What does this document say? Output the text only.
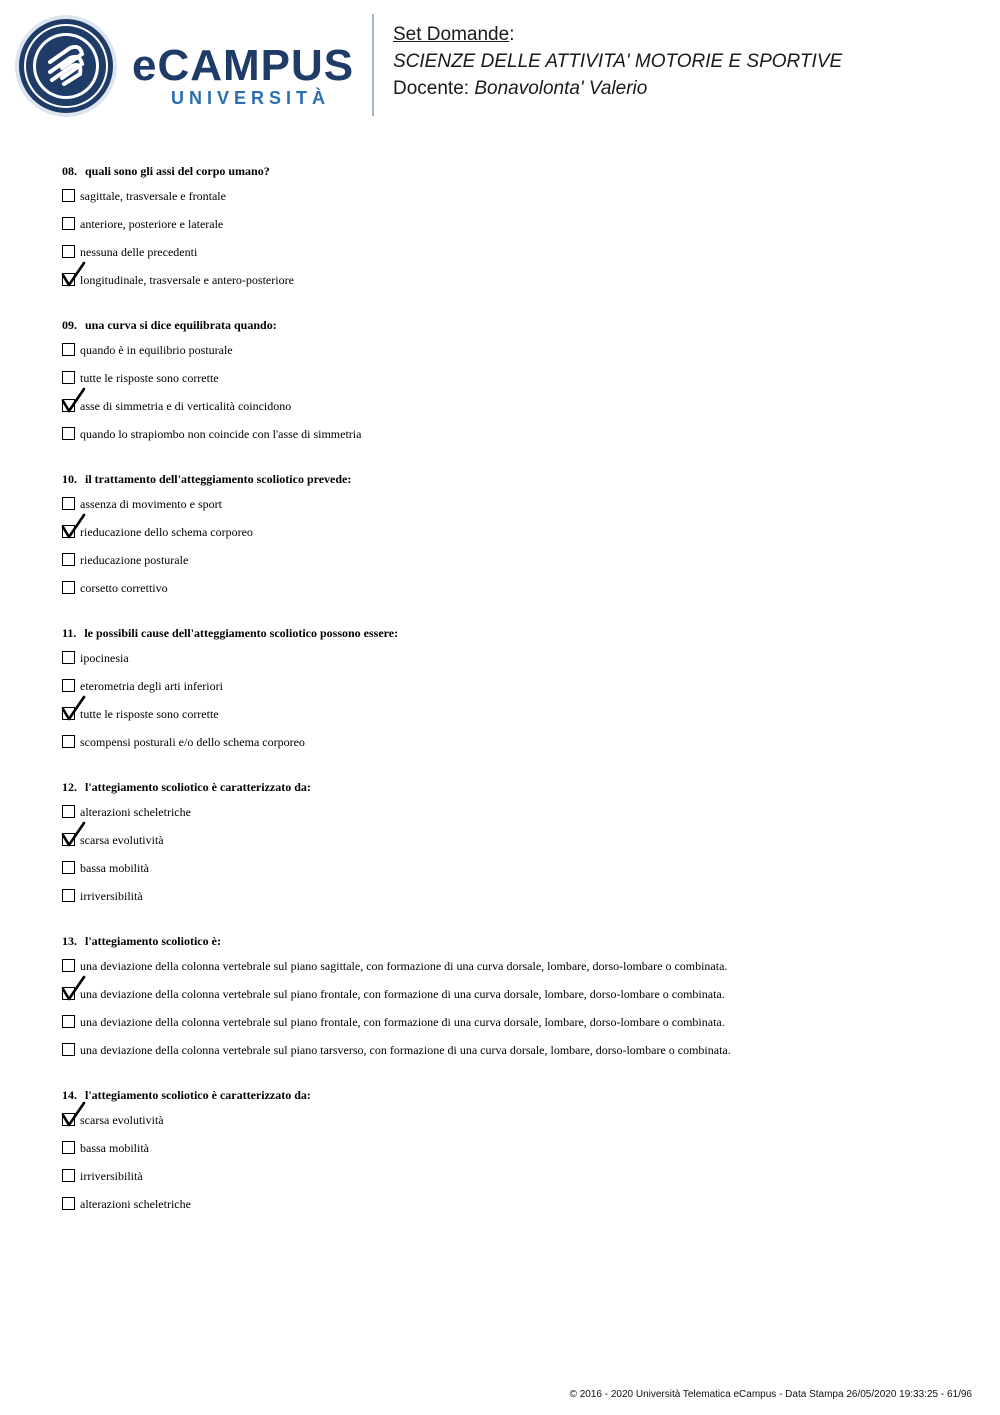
eCAMPUS
UNIVERSITÀ
Set Domande:
SCIENZE DELLE ATTIVITA' MOTORIE E SPORTIVE
Docente: Bonavolonta' Valerio
08. quali sono gli assi del corpo umano?
sagittale, trasversale e frontale
anteriore, posteriore e laterale
nessuna delle precedenti
longitudinale, trasversale e antero-posteriore
09. una curva si dice equilibrata quando:
quando è in equilibrio posturale
tutte le risposte sono corrette
asse di simmetria e di verticalità coincidono
quando lo strapiombo non coincide con l'asse di simmetria
10. il trattamento dell'atteggiamento scoliotico prevede:
assenza di movimento e sport
rieducazione dello schema corporeo
rieducazione posturale
corsetto correttivo
11. le possibili cause dell'atteggiamento scoliotico possono essere:
ipocinesia
eterometria degli arti inferiori
tutte le risposte sono corrette
scompensi posturali e/o dello schema corporeo
12. l'attegiamento scoliotico è caratterizzato da:
alterazioni scheletriche
scarsa evolutività
bassa mobilità
irriversibilità
13. l'attegiamento scoliotico è:
una deviazione della colonna vertebrale sul piano sagittale, con formazione di una curva dorsale, lombare, dorso-lombare o combinata.
una deviazione della colonna vertebrale sul piano frontale, con formazione di una curva dorsale, lombare, dorso-lombare o combinata.
una deviazione della colonna vertebrale sul piano frontale, con formazione di una curva dorsale, lombare, dorso-lombare o combinata.
una deviazione della colonna vertebrale sul piano tarsverso, con formazione di una curva dorsale, lombare, dorso-lombare o combinata.
14. l'attegiamento scoliotico è caratterizzato da:
scarsa evolutività
bassa mobilità
irriversibilità
alterazioni scheletriche
© 2016 - 2020 Università Telematica eCampus - Data Stampa 26/05/2020 19:33:25 - 61/96
